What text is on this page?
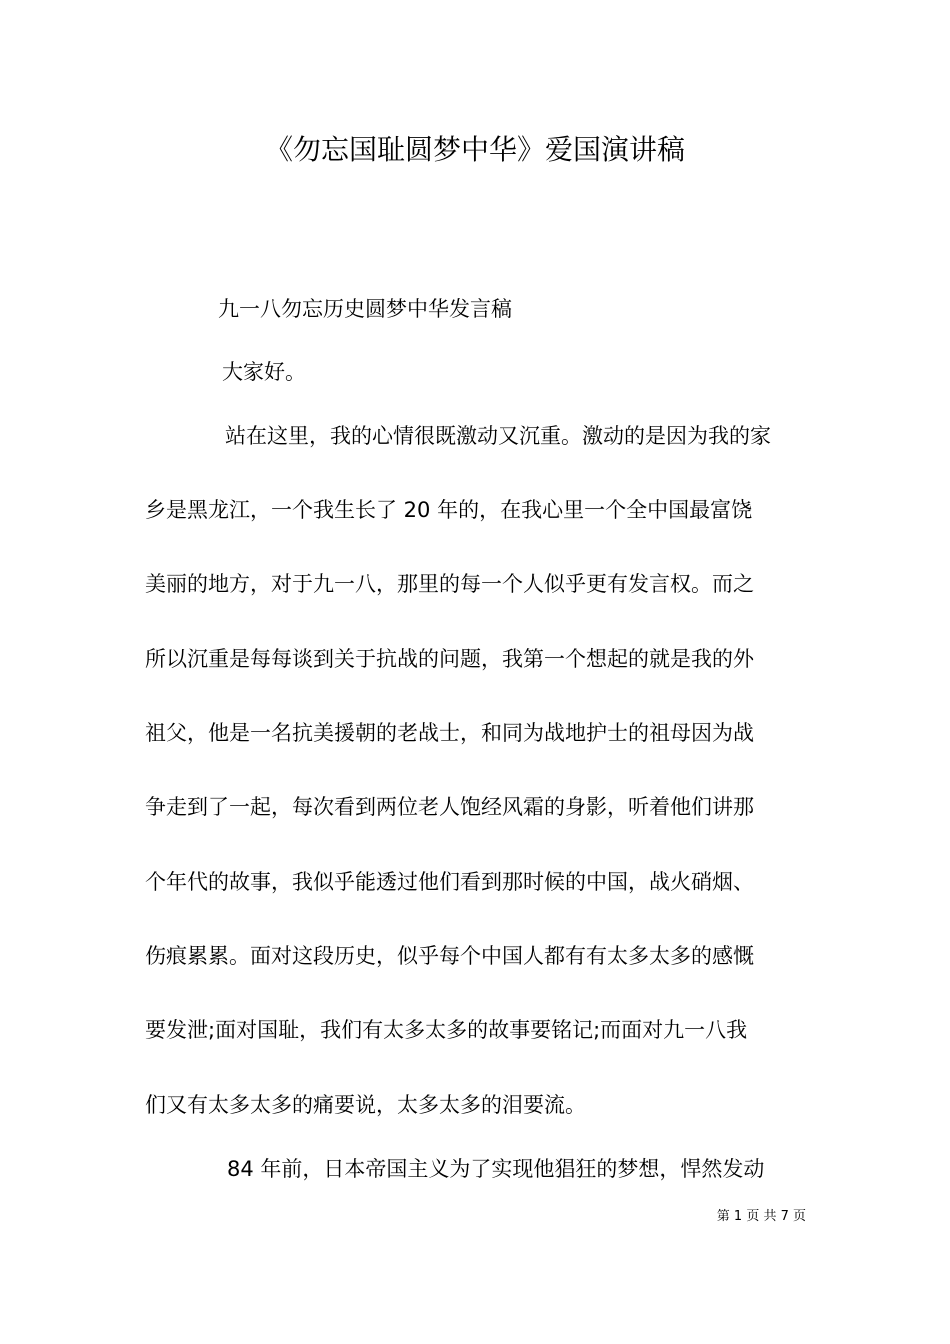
《勿忘国耻圆梦中华》爱国演讲稿
九一八勿忘历史圆梦中华发言稿
大家好。
站在这里，我的心情很既激动又沉重。激动的是因为我的家
乡是黑龙江，一个我生长了 20 年的，在我心里一个全中国最富饶
美丽的地方，对于九一八，那里的每一个人似乎更有发言权。而之
所以沉重是每每谈到关于抗战的问题，我第一个想起的就是我的外
祖父，他是一名抗美援朝的老战士，和同为战地护士的祖母因为战
争走到了一起，每次看到两位老人饱经风霜的身影，听着他们讲那
个年代的故事，我似乎能透过他们看到那时候的中国，战火硝烟、
伤痕累累。面对这段历史，似乎每个中国人都有有太多太多的感慨
要发泄;面对国耻，我们有太多太多的故事要铭记;而面对九一八我
们又有太多太多的痛要说，太多太多的泪要流。
84 年前，日本帝国主义为了实现他猖狂的梦想，悍然发动
第 1 页 共 7 页
